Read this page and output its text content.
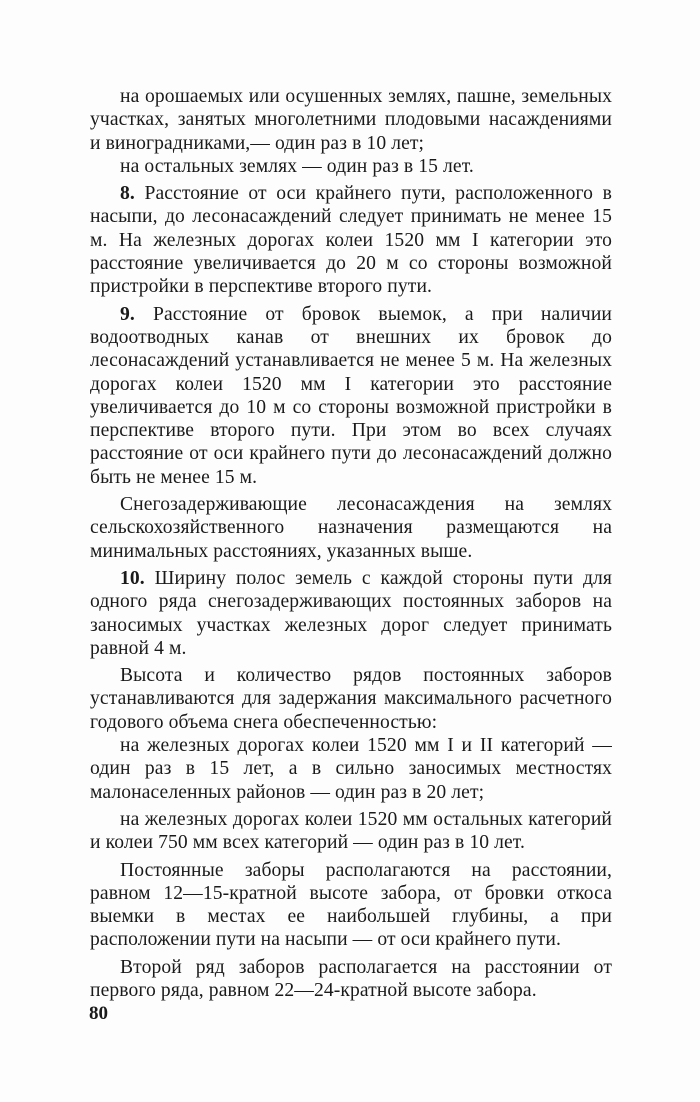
на орошаемых или осушенных землях, пашне, земельных участках, занятых многолетними плодовыми насаждениями и виноградниками,— один раз в 10 лет;

на остальных землях — один раз в 15 лет.

8. Расстояние от оси крайнего пути, расположенного в насыпи, до лесонасаждений следует принимать не менее 15 м. На железных дорогах колеи 1520 мм I категории это расстояние увеличивается до 20 м со стороны возможной пристройки в перспективе второго пути.

9. Расстояние от бровок выемок, а при наличии водоотводных канав от внешних их бровок до лесонасаждений устанавливается не менее 5 м. На железных дорогах колеи 1520 мм I категории это расстояние увеличивается до 10 м со стороны возможной пристройки в перспективе второго пути. При этом во всех случаях расстояние от оси крайнего пути до лесонасаждений должно быть не менее 15 м.

Снегозадерживающие лесонасаждения на землях сельскохозяйственного назначения размещаются на минимальных расстояниях, указанных выше.

10. Ширину полос земель с каждой стороны пути для одного ряда снегозадерживающих постоянных заборов на заносимых участках железных дорог следует принимать равной 4 м.

Высота и количество рядов постоянных заборов устанавливаются для задержания максимального расчетного годового объема снега обеспеченностью:

на железных дорогах колеи 1520 мм I и II категорий — один раз в 15 лет, а в сильно заносимых местностях малонаселенных районов — один раз в 20 лет;

на железных дорогах колеи 1520 мм остальных категорий и колеи 750 мм всех категорий — один раз в 10 лет.

Постоянные заборы располагаются на расстоянии, равном 12—15-кратной высоте забора, от бровки откоса выемки в местах ее наибольшей глубины, а при расположении пути на насыпи — от оси крайнего пути.

Второй ряд заборов располагается на расстоянии от первого ряда, равном 22—24-кратной высоте забора.

80
